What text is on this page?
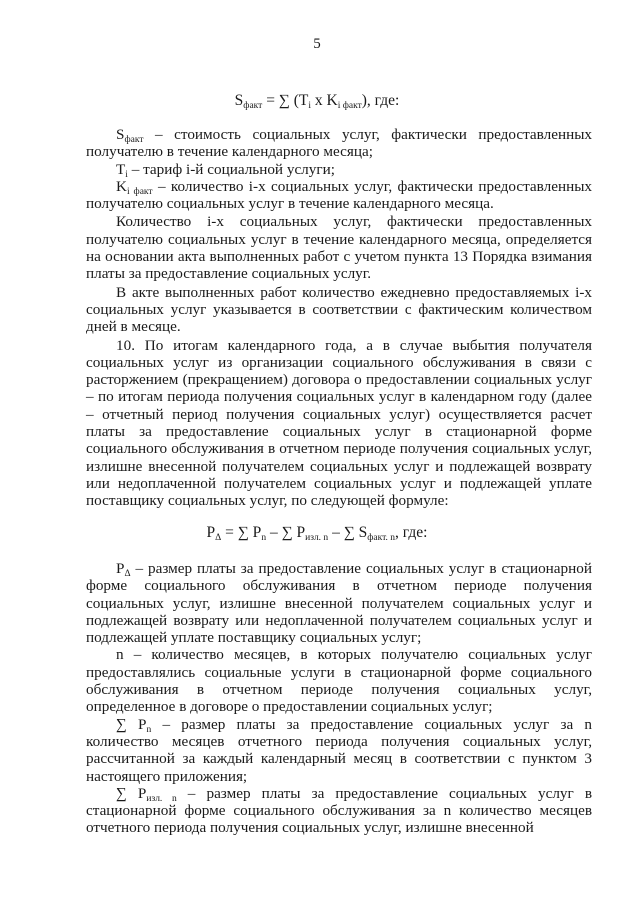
5
$S_{факт}$ = ∑ ($T_i$ x $K_{i факт}$), где:

$S_{факт}$ – стоимость социальных услуг, фактически предоставленных получателю в течение календарного месяца;

$T_i$ – тариф i-й социальной услуги;

$K_{i факт}$ – количество i-х социальных услуг, фактически предоставленных получателю социальных услуг в течение календарного месяца.

Количество i-х социальных услуг, фактически предоставленных получателю социальных услуг в течение календарного месяца, определяется на основании акта выполненных работ с учетом пункта 13 Порядка взимания платы за предоставление социальных услуг.

В акте выполненных работ количество ежедневно предоставляемых i-х социальных услуг указывается в соответствии с фактическим количеством дней в месяце.

10. По итогам календарного года, а в случае выбытия получателя социальных услуг из организации социального обслуживания в связи с расторжением (прекращением) договора о предоставлении социальных услуг – по итогам периода получения социальных услуг в календарном году (далее – отчетный период получения социальных услуг) осуществляется расчет платы за предоставление социальных услуг в стационарной форме социального обслуживания в отчетном периоде получения социальных услуг, излишне внесенной получателем социальных услуг и подлежащей возврату или недоплаченной получателем социальных услуг и подлежащей уплате поставщику социальных услуг, по следующей формуле:

$P_\Delta$ = ∑ $P_n$ – ∑ $P_{изл. n}$ – ∑ $S_{факт. n}$, где:

$P_\Delta$ – размер платы за предоставление социальных услуг в стационарной форме социального обслуживания в отчетном периоде получения социальных услуг, излишне внесенной получателем социальных услуг и подлежащей возврату или недоплаченной получателем социальных услуг и подлежащей уплате поставщику социальных услуг;

n – количество месяцев, в которых получателю социальных услуг предоставлялись социальные услуги в стационарной форме социального обслуживания в отчетном периоде получения социальных услуг, определенное в договоре о предоставлении социальных услуг;

∑ $P_n$ – размер платы за предоставление социальных услуг за n количество месяцев отчетного периода получения социальных услуг, рассчитанной за каждый календарный месяц в соответствии с пунктом 3 настоящего приложения;

∑ $P_{изл. n}$ – размер платы за предоставление социальных услуг в стационарной форме социального обслуживания за n количество месяцев отчетного периода получения социальных услуг, излишне внесенной
